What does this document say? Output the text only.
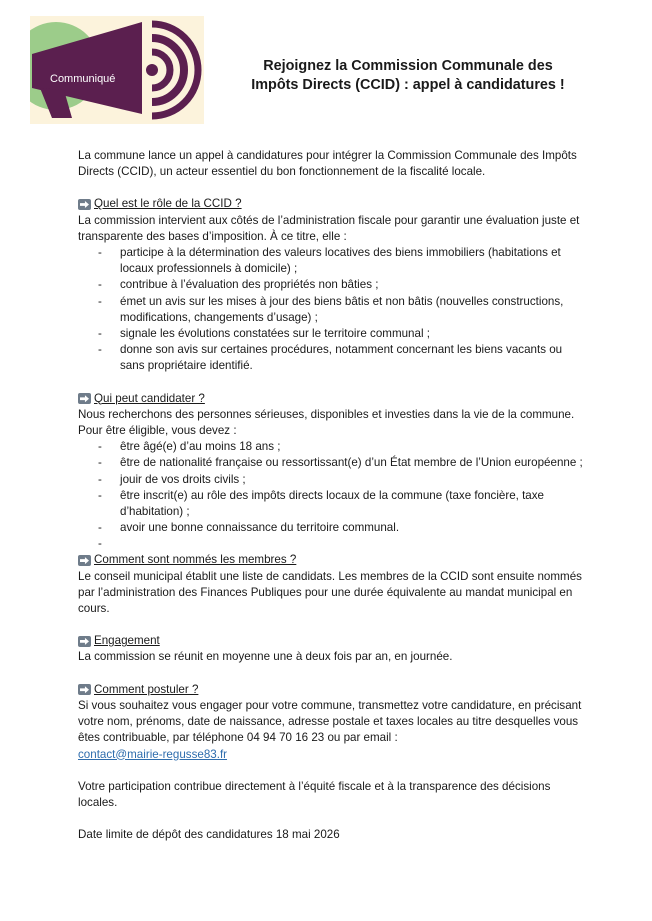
Communiqué
Rejoignez la Commission Communale des
Impôts Directs (CCID) : appel à candidatures !

La commune lance un appel à candidatures pour intégrer la Commission Communale des Impôts Directs (CCID), un acteur essentiel du bon fonctionnement de la fiscalité locale.

Quel est le rôle de la CCID ?

La commission intervient aux côtés de l’administration fiscale pour garantir une évaluation juste et transparente des bases d’imposition. À ce titre, elle :

- participe à la détermination des valeurs locatives des biens immobiliers (habitations et locaux professionnels à domicile) ;
- contribue à l’évaluation des propriétés non bâties ;
- émet un avis sur les mises à jour des biens bâtis et non bâtis (nouvelles constructions, modifications, changements d’usage) ;
- signale les évolutions constatées sur le territoire communal ;
- donne son avis sur certaines procédures, notamment concernant les biens vacants ou sans propriétaire identifié.
Qui peut candidater ?

Nous recherchons des personnes sérieuses, disponibles et investies dans la vie de la commune. Pour être éligible, vous devez :

- être âgé(e) d’au moins 18 ans ;
- être de nationalité française ou ressortissant(e) d’un État membre de l’Union européenne ;
- jouir de vos droits civils ;
- être inscrit(e) au rôle des impôts directs locaux de la commune (taxe foncière, taxe d’habitation) ;
- avoir une bonne connaissance du territoire communal.
-
Comment sont nommés les membres ?

Le conseil municipal établit une liste de candidats. Les membres de la CCID sont ensuite nommés par l’administration des Finances Publiques pour une durée équivalente au mandat municipal en cours.

Engagement

La commission se réunit en moyenne une à deux fois par an, en journée.

Comment postuler ?

Si vous souhaitez vous engager pour votre commune, transmettez votre candidature, en précisant votre nom, prénoms, date de naissance, adresse postale et taxes locales au titre desquelles vous êtes contribuable, par téléphone 04 94 70 16 23 ou par email :

contact@mairie-regusse83.fr

Votre participation contribue directement à l’équité fiscale et à la transparence des décisions locales.

Date limite de dépôt des candidatures 18 mai 2026
